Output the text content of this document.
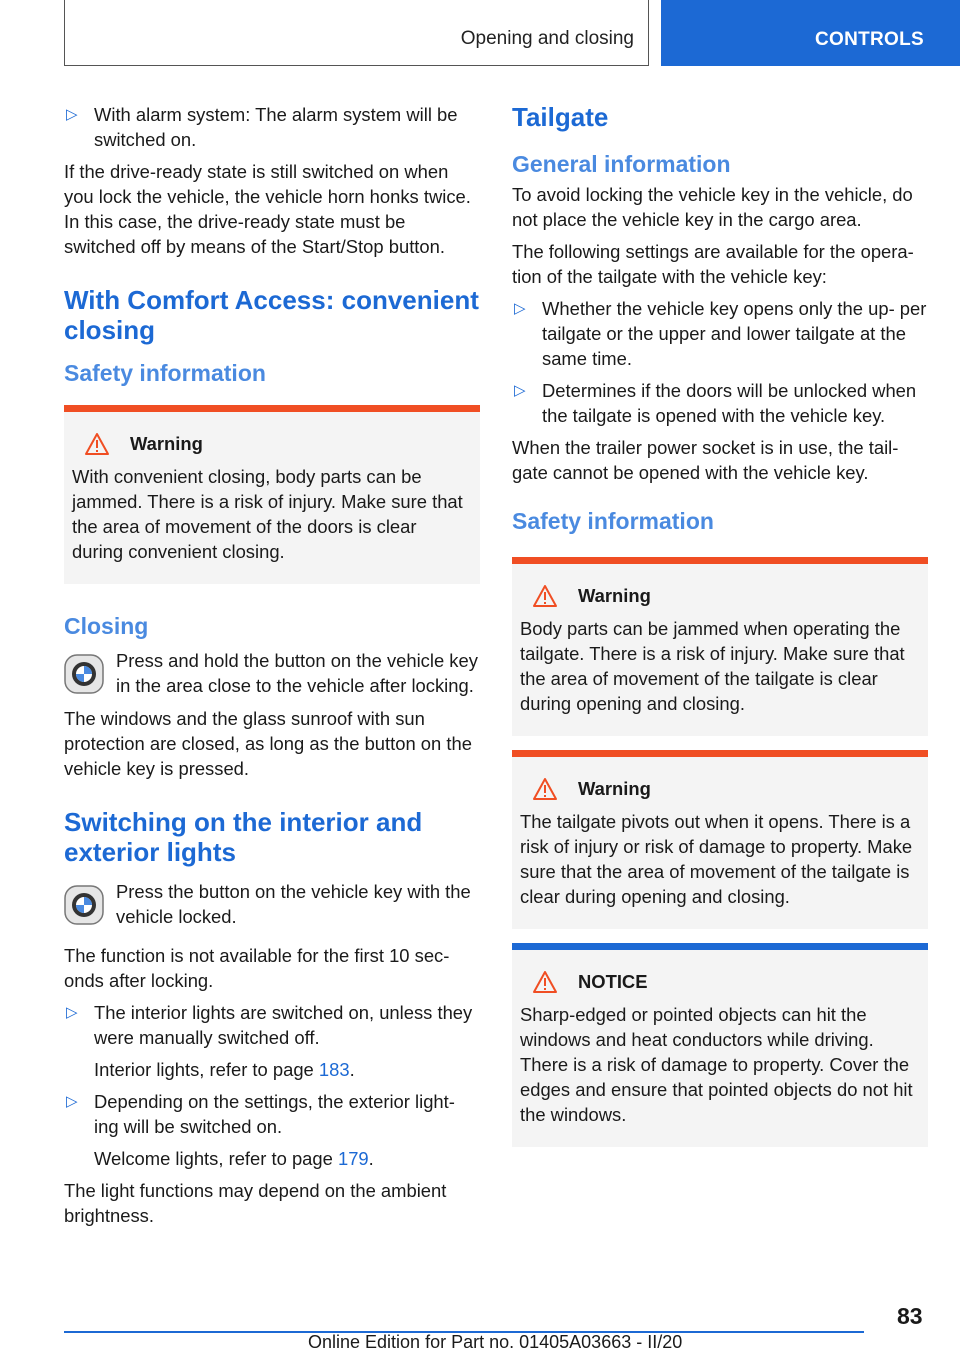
Opening and closing	CONTROLS
▷ With alarm system: The alarm system will be switched on.

If the drive-ready state is still switched on when you lock the vehicle, the vehicle horn honks twice. In this case, the drive-ready state must be switched off by means of the Start/Stop button.

With Comfort Access: convenient closing
Safety information
Warning
With convenient closing, body parts can be jammed. There is a risk of injury. Make sure that the area of movement of the doors is clear during convenient closing.
Closing
Press and hold the button on the vehicle key in the area close to the vehicle after locking.

The windows and the glass sunroof with sun protection are closed, as long as the button on the vehicle key is pressed.

Switching on the interior and exterior lights
Press the button on the vehicle key with the vehicle locked.

The function is not available for the first 10 sec‐ onds after locking.

▷ The interior lights are switched on, unless they were manually switched off.
Interior lights, refer to page 183.
▷ Depending on the settings, the exterior light‐ ing will be switched on.
Welcome lights, refer to page 179.

The light functions may depend on the ambient brightness.

Tailgate
General information

To avoid locking the vehicle key in the vehicle, do not place the vehicle key in the cargo area.

The following settings are available for the opera‐ tion of the tailgate with the vehicle key:

▷ Whether the vehicle key opens only the up‐ per tailgate or the upper and lower tailgate at the same time.
▷ Determines if the doors will be unlocked when the tailgate is opened with the vehicle key.

When the trailer power socket is in use, the tail‐ gate cannot be opened with the vehicle key.

Safety information
Warning
Body parts can be jammed when operating the tailgate. There is a risk of injury. Make sure that the area of movement of the tailgate is clear during opening and closing.
Warning
The tailgate pivots out when it opens. There is a risk of injury or risk of damage to property. Make sure that the area of movement of the tailgate is clear during opening and closing.
NOTICE
Sharp-edged or pointed objects can hit the windows and heat conductors while driving. There is a risk of damage to property. Cover the edges and ensure that pointed objects do not hit the windows.
83
Online Edition for Part no. 01405A03663 - II/20
